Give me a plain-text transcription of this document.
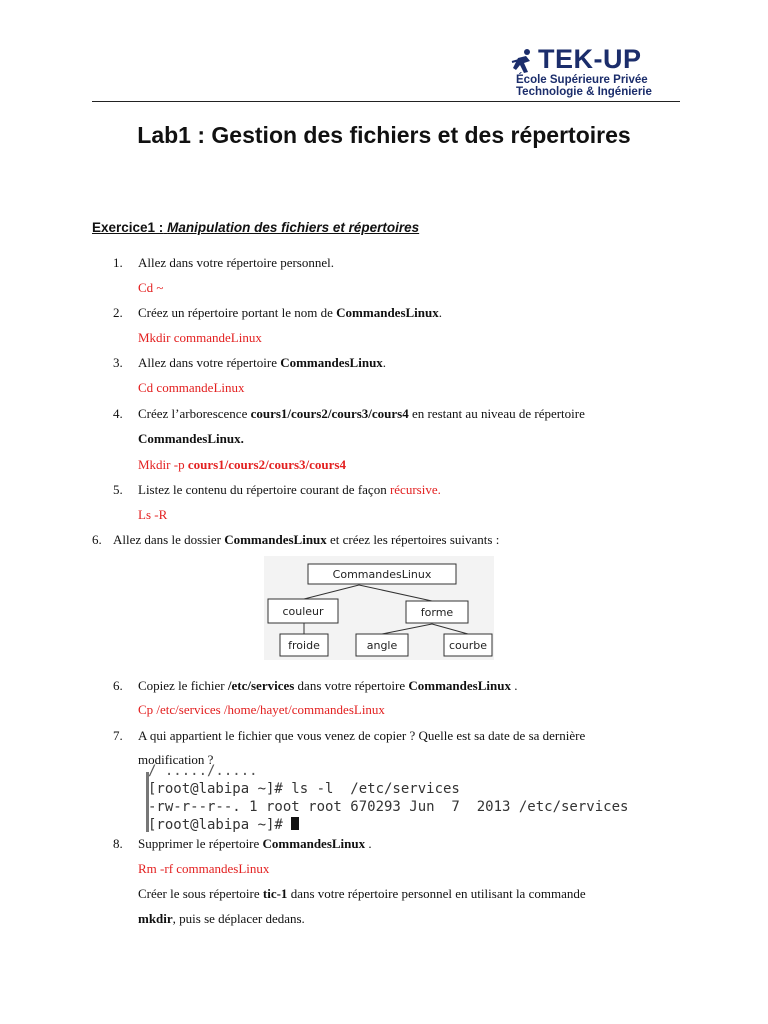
TEK-UP
École Supérieure Privée
Technologie & Ingénierie
Lab1 : Gestion des fichiers et des répertoires
Exercice1 : Manipulation des fichiers et répertoires
1. Allez dans votre répertoire personnel.
Cd ~
2. Créez un répertoire portant le nom de CommandesLinux.
Mkdir commandeLinux
3. Allez dans votre répertoire CommandesLinux.
Cd commandeLinux
4. Créez l’arborescence cours1/cours2/cours3/cours4 en restant au niveau de répertoire
CommandesLinux.
Mkdir -p cours1/cours2/cours3/cours4
5. Listez le contenu du répertoire courant de façon récursive.
Ls -R
6. Allez dans le dossier CommandesLinux et créez les répertoires suivants :
CommandesLinux
couleur	forme
froide	angle	courbe
6. Copiez le fichier /etc/services dans votre répertoire CommandesLinux .
Cp /etc/services /home/hayet/commandesLinux
7. A qui appartient le fichier que vous venez de copier ? Quelle est sa date de sa dernière
modification ?
/ ...../.....
[root@labipa ~]# ls -l  /etc/services
-rw-r--r--. 1 root root 670293 Jun  7  2013 /etc/services
[root@labipa ~]#
8. Supprimer le répertoire CommandesLinux .
Rm -rf commandesLinux
Créer le sous répertoire tic-1 dans votre répertoire personnel en utilisant la commande
mkdir, puis se déplacer dedans.
